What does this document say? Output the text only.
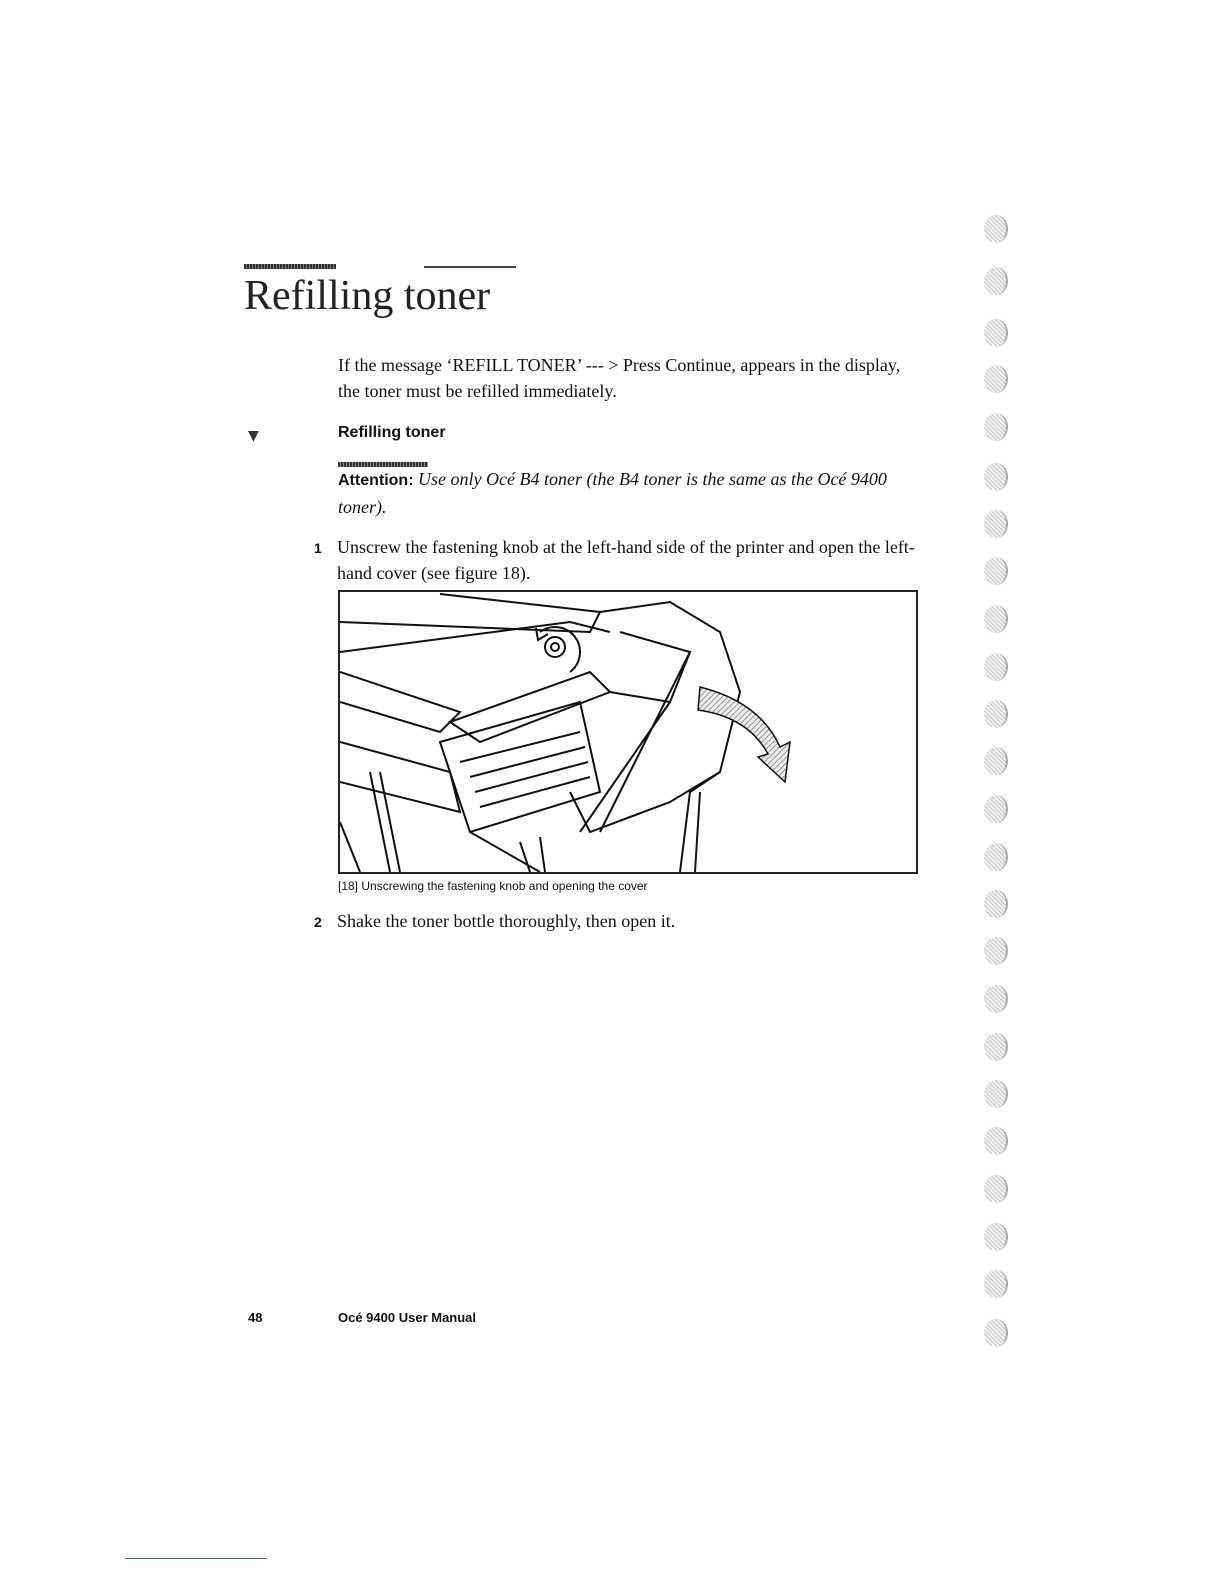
Refilling toner

If the message ‘REFILL TONER’ --- > Press Continue, appears in the display,
the toner must be refilled immediately.

▼	Refilling toner

Attention: Use only Océ B4 toner (the B4 toner is the same as the Océ 9400 toner).

1 Unscrew the fastening knob at the left-hand side of the printer and open the left-hand cover (see figure 18).

[18] Unscrewing the fastening knob and opening the cover

2 Shake the toner bottle thoroughly, then open it.

48	Océ 9400 User Manual
